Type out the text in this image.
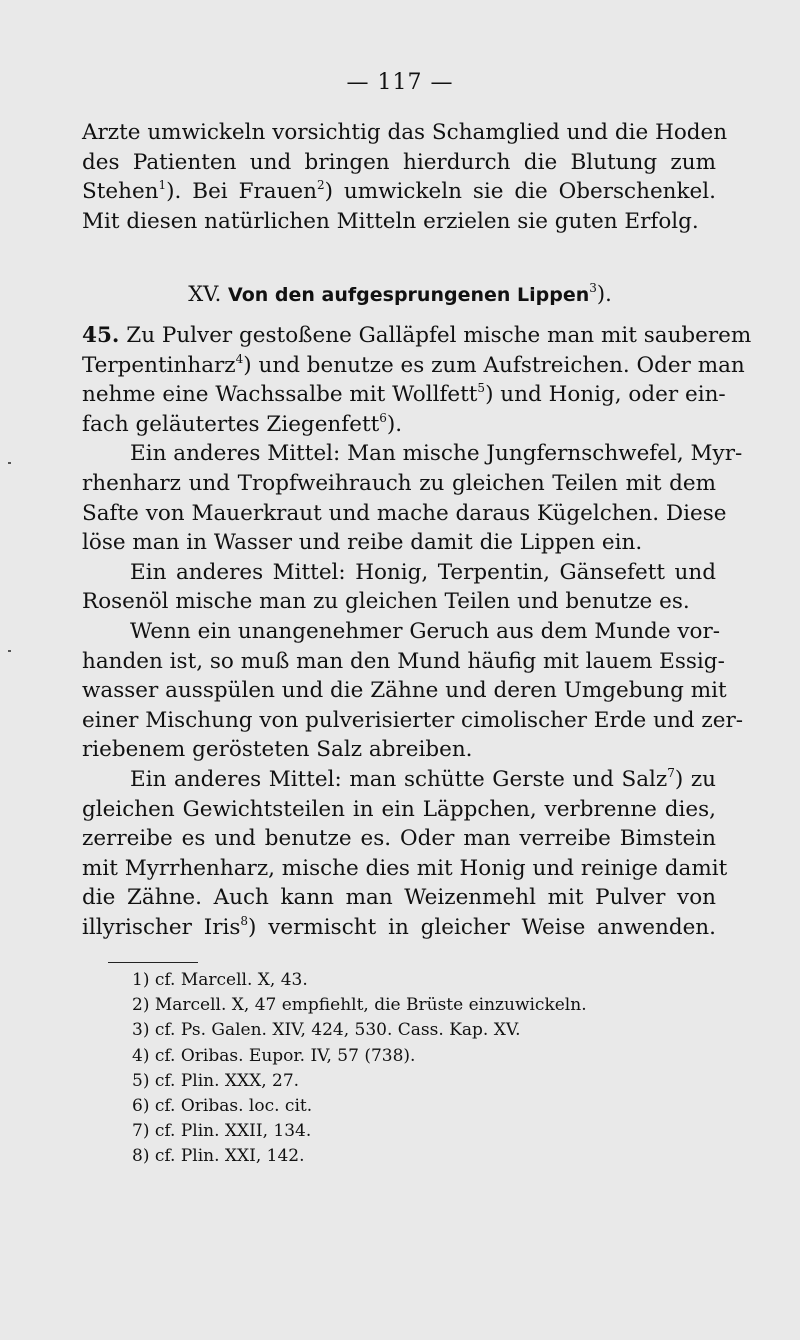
— 117 —
Arzte umwickeln vorsichtig das Schamglied und die Hoden
des Patienten und bringen hierdurch die Blutung zum
Stehen$^1$). Bei Frauen$^2$) umwickeln sie die Oberschenkel.
Mit diesen natürlichen Mitteln erzielen sie guten Erfolg.
XV. Von den aufgesprungenen Lippen$^3$).
45. Zu Pulver gestoßene Galläpfel mische man mit sauberem
Terpentinharz$^4$) und benutze es zum Aufstreichen. Oder man
nehme eine Wachssalbe mit Wollfett$^5$) und Honig, oder ein-
fach geläutertes Ziegenfett$^6$).
Ein anderes Mittel: Man mische Jungfernschwefel, Myr-
rhenharz und Tropfweihrauch zu gleichen Teilen mit dem
Safte von Mauerkraut und mache daraus Kügelchen. Diese
löse man in Wasser und reibe damit die Lippen ein.
Ein anderes Mittel: Honig, Terpentin, Gänsefett und
Rosenöl mische man zu gleichen Teilen und benutze es.
Wenn ein unangenehmer Geruch aus dem Munde vor-
handen ist, so muß man den Mund häufig mit lauem Essig-
wasser ausspülen und die Zähne und deren Umgebung mit
einer Mischung von pulverisierter cimolischer Erde und zer-
riebenem gerösteten Salz abreiben.
Ein anderes Mittel: man schütte Gerste und Salz$^7$) zu
gleichen Gewichtsteilen in ein Läppchen, verbrenne dies,
zerreibe es und benutze es. Oder man verreibe Bimstein
mit Myrrhenharz, mische dies mit Honig und reinige damit
die Zähne. Auch kann man Weizenmehl mit Pulver von
illyrischer Iris$^8$) vermischt in gleicher Weise anwenden.
1) cf. Marcell. X, 43.
2) Marcell. X, 47 empfiehlt, die Brüste einzuwickeln.
3) cf. Ps. Galen. XIV, 424, 530. Cass. Kap. XV.
4) cf. Oribas. Eupor. IV, 57 (738).
5) cf. Plin. XXX, 27.
6) cf. Oribas. loc. cit.
7) cf. Plin. XXII, 134.
8) cf. Plin. XXI, 142.
